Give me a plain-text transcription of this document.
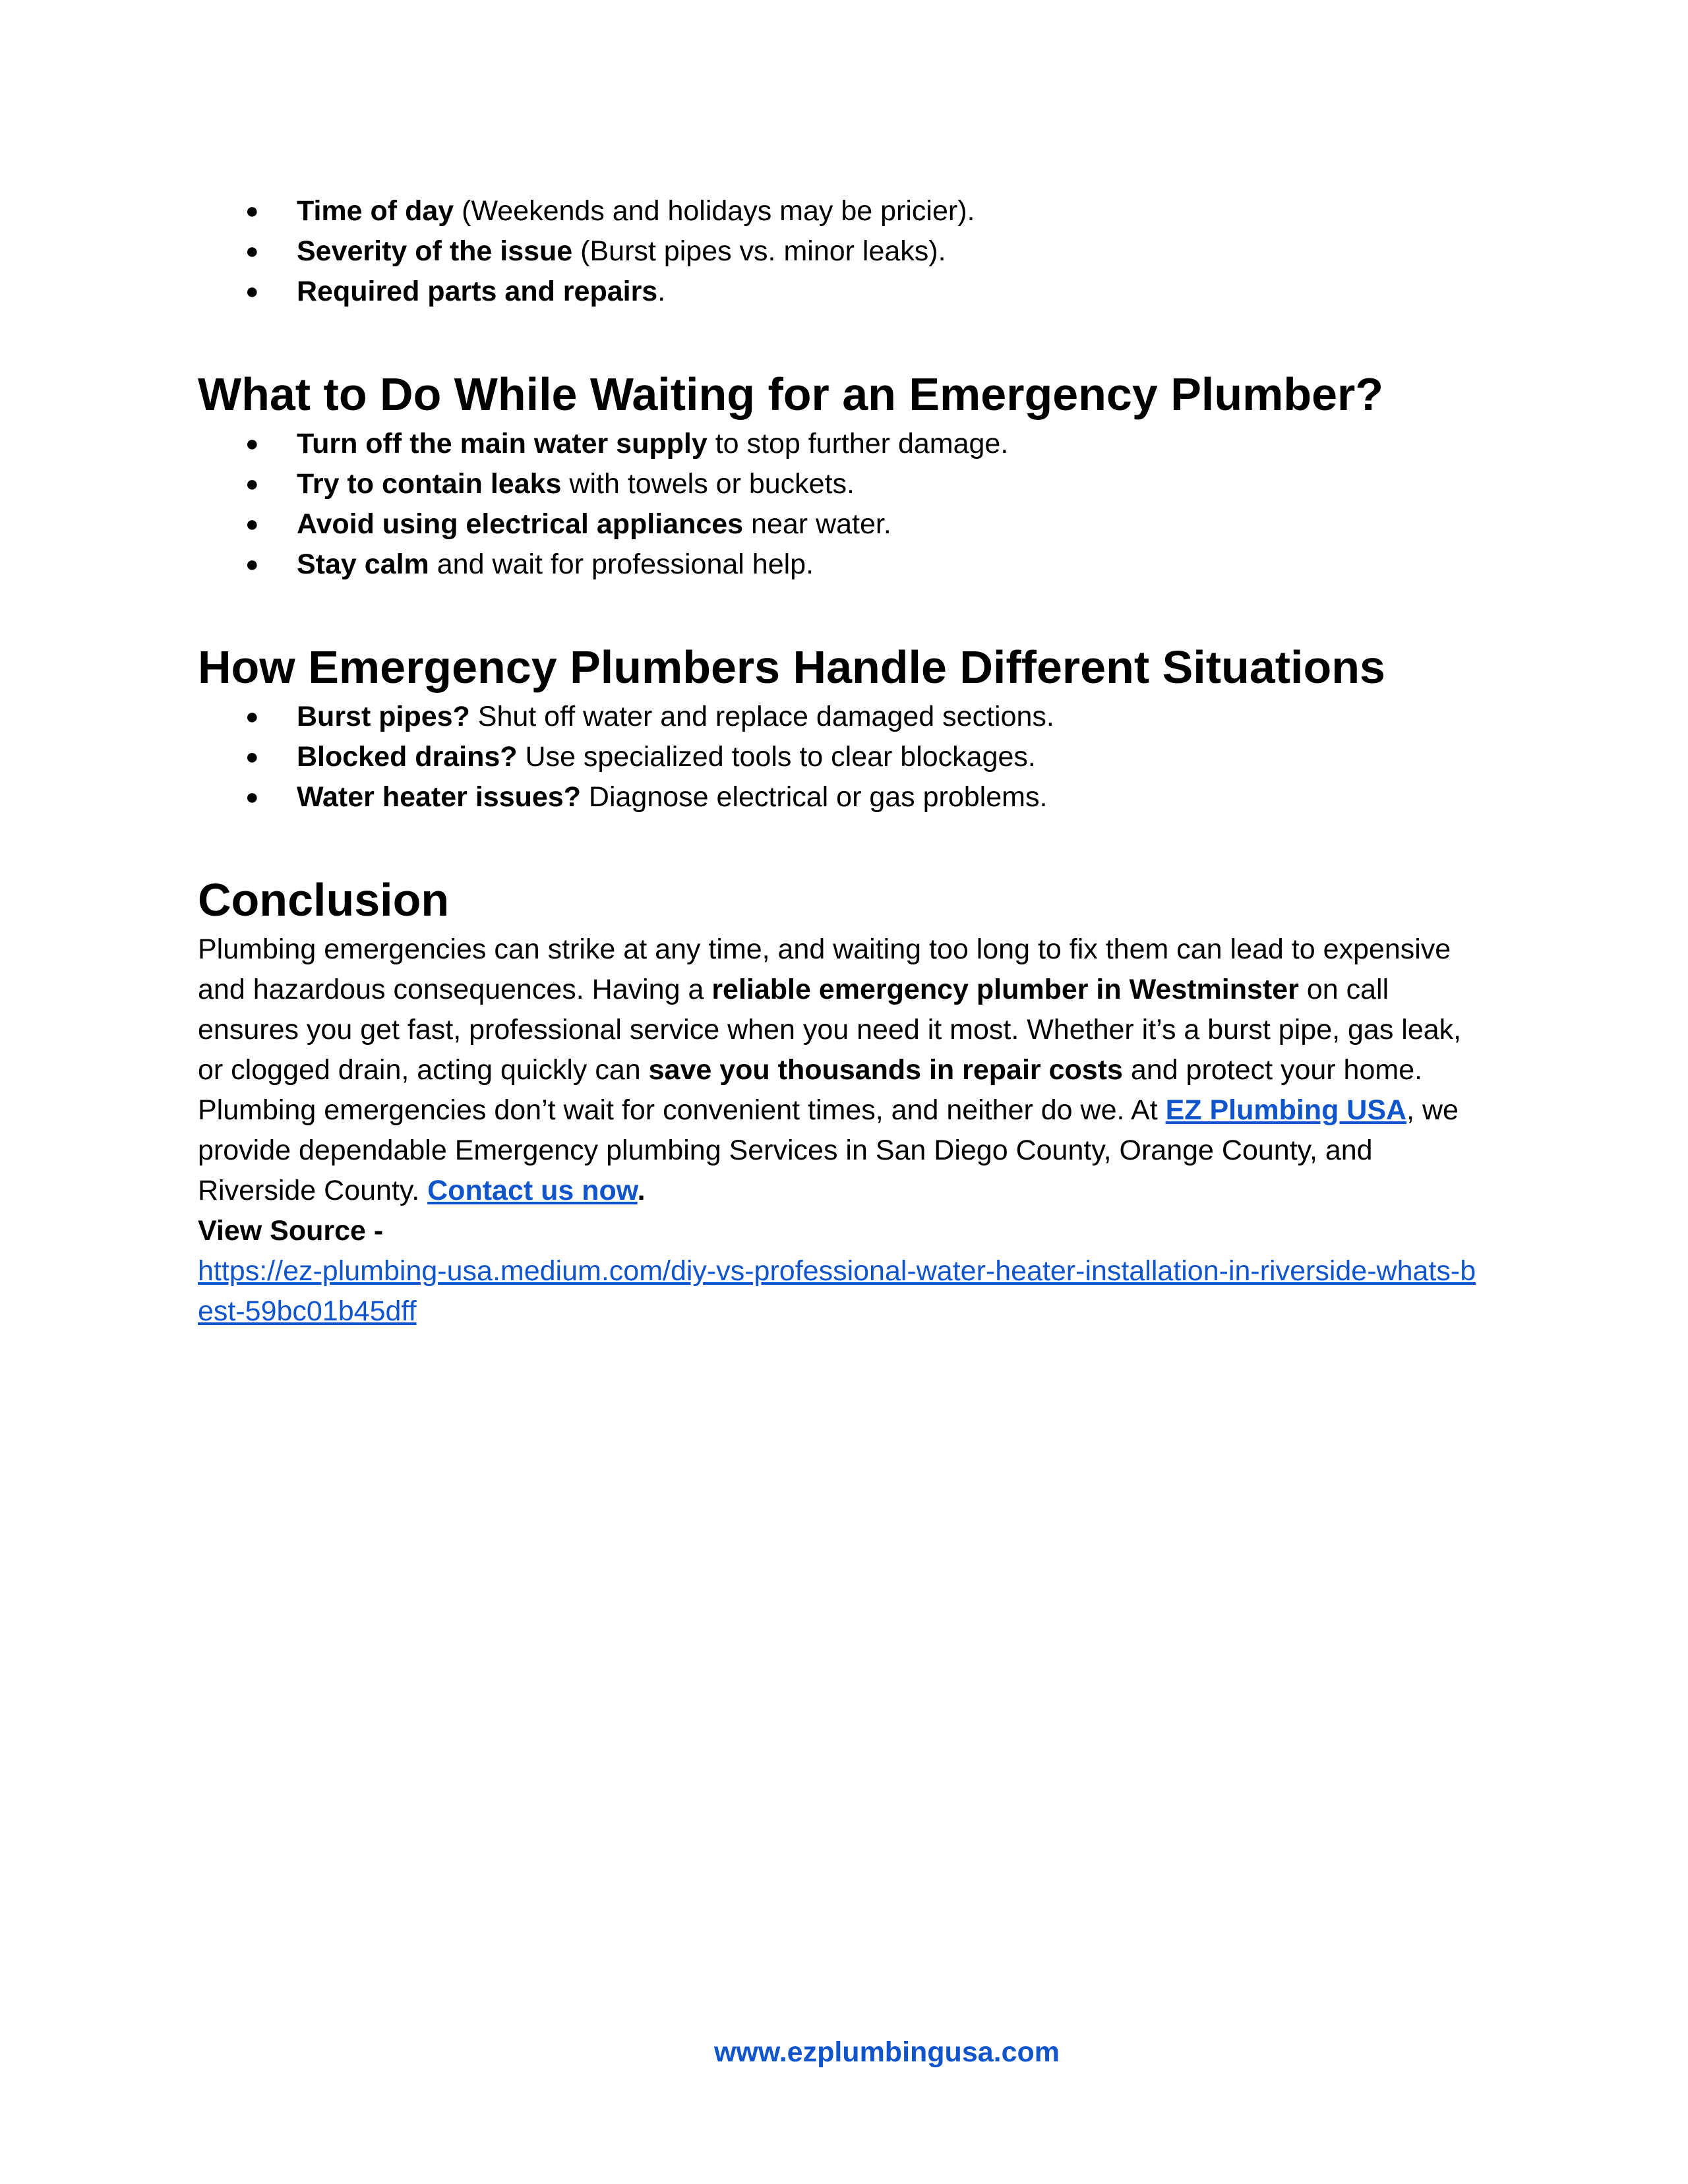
● Time of day (Weekends and holidays may be pricier).
● Severity of the issue (Burst pipes vs. minor leaks).
● Required parts and repairs.
What to Do While Waiting for an Emergency Plumber?
● Turn off the main water supply to stop further damage.
● Try to contain leaks with towels or buckets.
● Avoid using electrical appliances near water.
● Stay calm and wait for professional help.
How Emergency Plumbers Handle Different Situations
● Burst pipes? Shut off water and replace damaged sections.
● Blocked drains? Use specialized tools to clear blockages.
● Water heater issues? Diagnose electrical or gas problems.
Conclusion

Plumbing emergencies can strike at any time, and waiting too long to fix them can lead to expensive and hazardous consequences. Having a reliable emergency plumber in Westminster on call ensures you get fast, professional service when you need it most. Whether it’s a burst pipe, gas leak, or clogged drain, acting quickly can save you thousands in repair costs and protect your home.

Plumbing emergencies don’t wait for convenient times, and neither do we. At EZ Plumbing USA, we provide dependable Emergency plumbing Services in San Diego County, Orange County, and Riverside County. Contact us now.

View Source -
https://ez-plumbing-usa.medium.com/diy-vs-professional-water-heater-installation-in-riverside-whats-best-59bc01b45dff

www.ezplumbingusa.com
